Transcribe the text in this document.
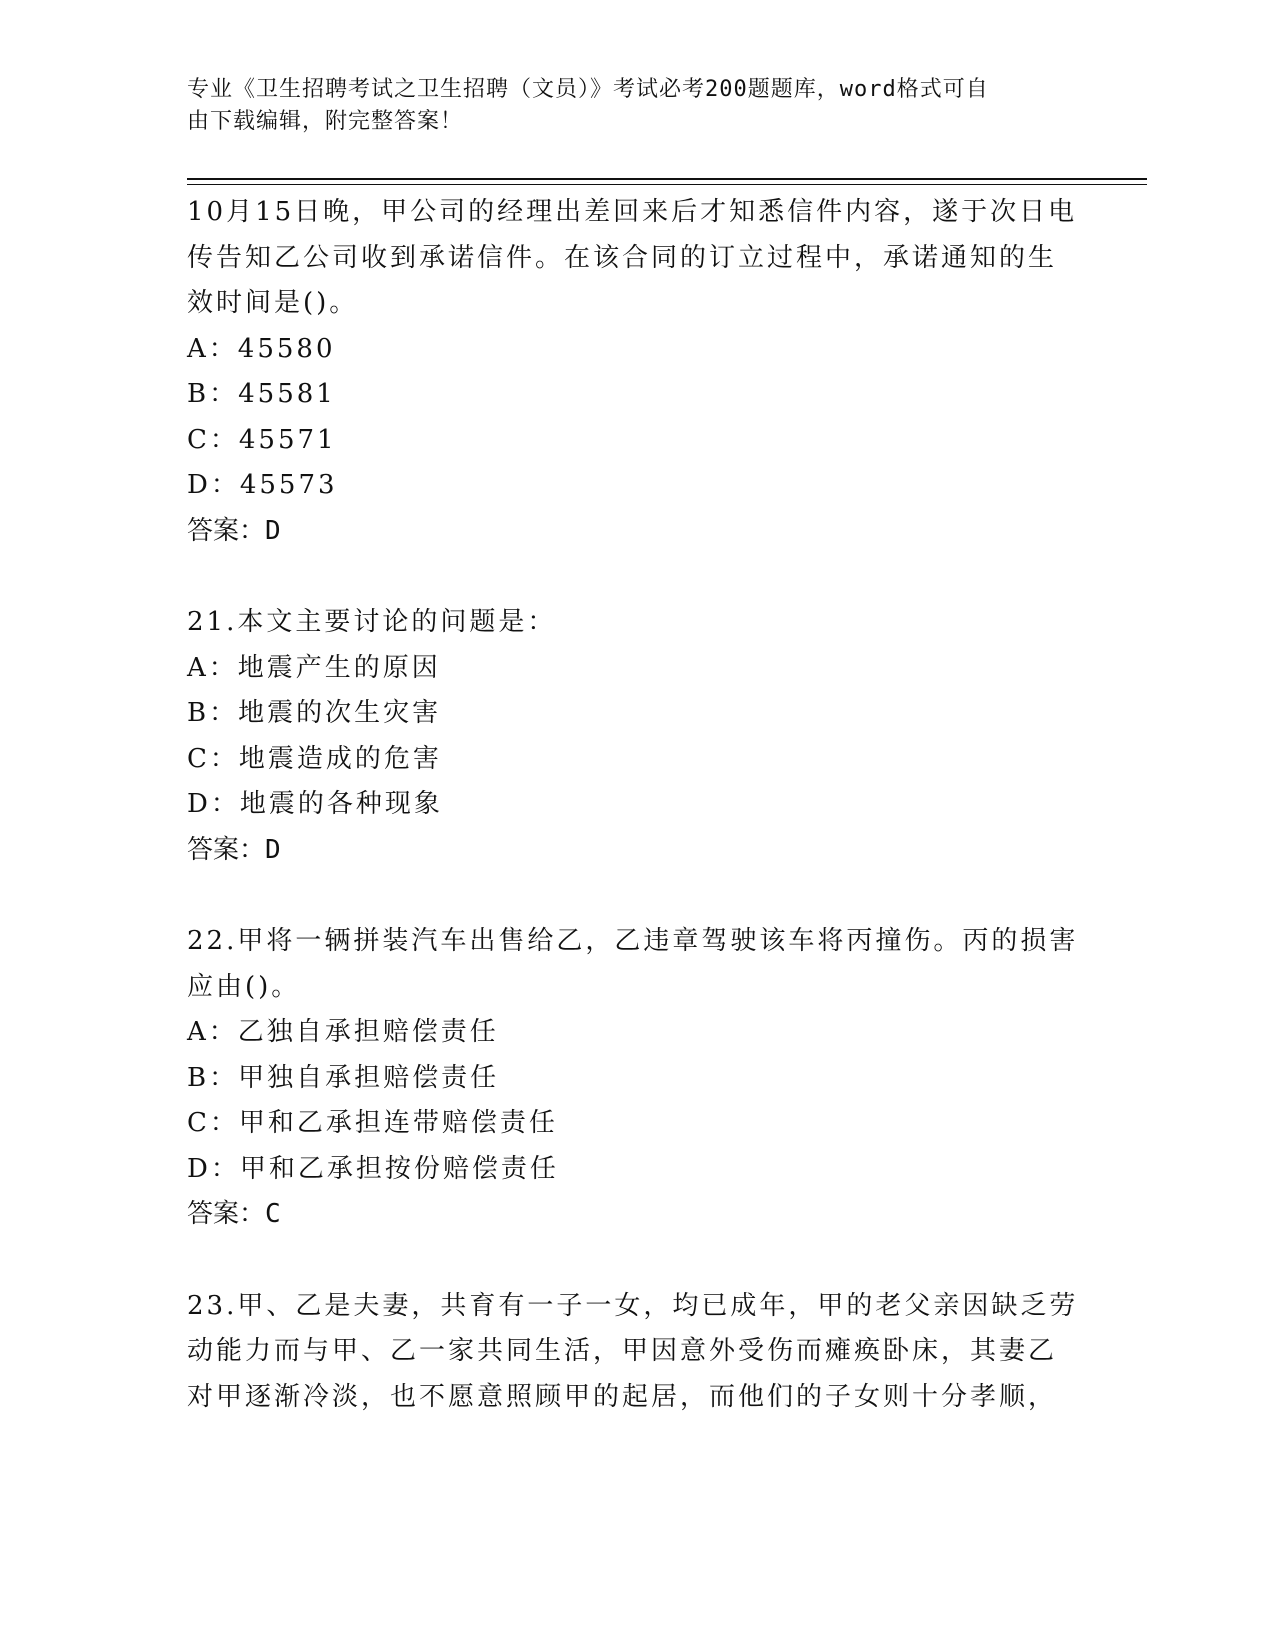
专业《卫生招聘考试之卫生招聘（文员）》考试必考200题题库，word格式可自
由下载编辑，附完整答案！
10月15日晚，甲公司的经理出差回来后才知悉信件内容，遂于次日电
传告知乙公司收到承诺信件。在该合同的订立过程中，承诺通知的生
效时间是()。
A：45580
B：45581
C：45571
D：45573
答案：D
21.本文主要讨论的问题是：
A：地震产生的原因
B：地震的次生灾害
C：地震造成的危害
D：地震的各种现象
答案：D
22.甲将一辆拼装汽车出售给乙，乙违章驾驶该车将丙撞伤。丙的损害
应由()。
A：乙独自承担赔偿责任
B：甲独自承担赔偿责任
C：甲和乙承担连带赔偿责任
D：甲和乙承担按份赔偿责任
答案：C
23.甲、乙是夫妻，共育有一子一女，均已成年，甲的老父亲因缺乏劳
动能力而与甲、乙一家共同生活，甲因意外受伤而瘫痪卧床，其妻乙
对甲逐渐冷淡，也不愿意照顾甲的起居，而他们的子女则十分孝顺，
